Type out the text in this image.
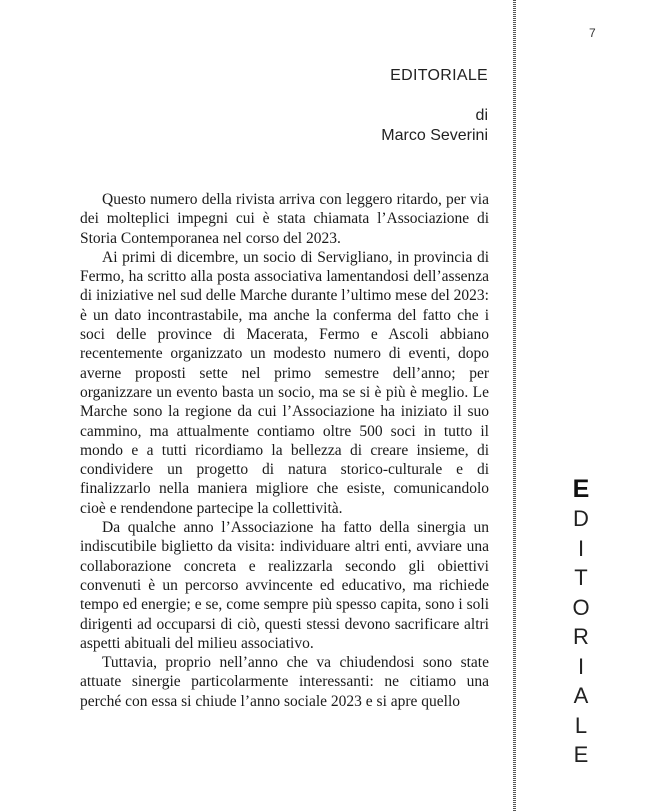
7
EDITORIALE
di
Marco Severini

Questo numero della rivista arriva con leggero ritardo, per via dei molteplici impegni cui è stata chiamata l’Associazione di Storia Contemporanea nel corso del 2023.

Ai primi di dicembre, un socio di Servigliano, in provincia di Fermo, ha scritto alla posta associativa lamentandosi dell’assenza di iniziative nel sud delle Marche durante l’ultimo mese del 2023: è un dato incontrastabile, ma anche la conferma del fatto che i soci delle province di Macerata, Fermo e Ascoli abbiano recentemente organizzato un modesto numero di eventi, dopo averne proposti sette nel primo semestre dell’anno; per organizzare un evento basta un socio, ma se si è più è meglio. Le Marche sono la regione da cui l’Associazione ha iniziato il suo cammino, ma attualmente contiamo oltre 500 soci in tutto il mondo e a tutti ricordiamo la bellezza di creare insieme, di condividere un progetto di natura storico-culturale e di finalizzarlo nella maniera migliore che esiste, comunicandolo cioè e rendendone partecipe la collettività.

Da qualche anno l’Associazione ha fatto della sinergia un indiscutibile biglietto da visita: individuare altri enti, avviare una collaborazione concreta e realizzarla secondo gli obiettivi convenuti è un percorso avvincente ed educativo, ma richiede tempo ed energie; e se, come sempre più spesso capita, sono i soli dirigenti ad occuparsi di ciò, questi stessi devono sacrificare altri aspetti abituali del milieu associativo.

Tuttavia, proprio nell’anno che va chiudendosi sono state attuate sinergie particolarmente interessanti: ne citiamo una perché con essa si chiude l’anno sociale 2023 e si apre quello

E
D
I
T
O
R
I
A
L
E
